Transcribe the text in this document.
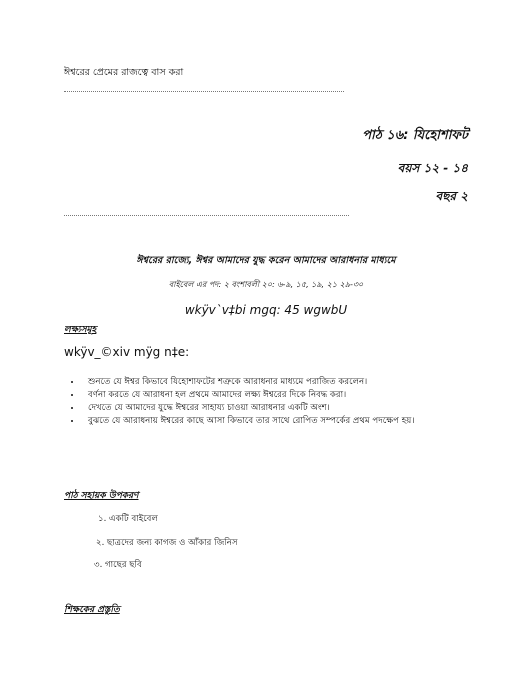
ঈশ্বরের প্রেমের রাজত্বে বাস করা
পাঠ ১৬: যিহোশাফট
বয়স ১২ - ১৪
বছর ২
ঈশ্বরের রাজ্যে, ঈশ্বর আমাদের যুদ্ধ করেন আমাদের আরাধনার মাধ্যমে
বাইবেল এর পদ: ২ বংশাবলী ২০: ৬-৯, ১৫, ১৯, ২১ ২৯-৩০
wkÿv`v‡bi mgq: 45 wgwbU
লক্ষ্যসমূহ
wkÿv_©xiv mÿg n‡e:
• শুনতে যে ঈশ্বর কিভাবে যিহোশাফটের শত্রুকে আরাধনার মাধ্যমে পরাজিত করলেন।
• বর্ণনা করতে যে আরাধনা হল প্রথমে আমাদের লক্ষ্য ঈশ্বরের দিকে নিবদ্ধ করা।
• দেখতে যে আমাদের যুদ্ধে ঈশ্বরের সাহায্য চাওয়া আরাধনার একটি অংশ।
• বুঝতে যে আরাধনায় ঈশ্বরের কাছে আসা কিভাবে তার সাথে রোপিত সম্পর্কের প্রথম পদক্ষেপ হয়।
পাঠ সহায়ক উপকরণ
১. একটি বাইবেল
২. ছাত্রদের জন্য কাগজ ও আঁকার জিনিস
৩. গাছের ছবি
শিক্ষকের প্রস্তুতি
